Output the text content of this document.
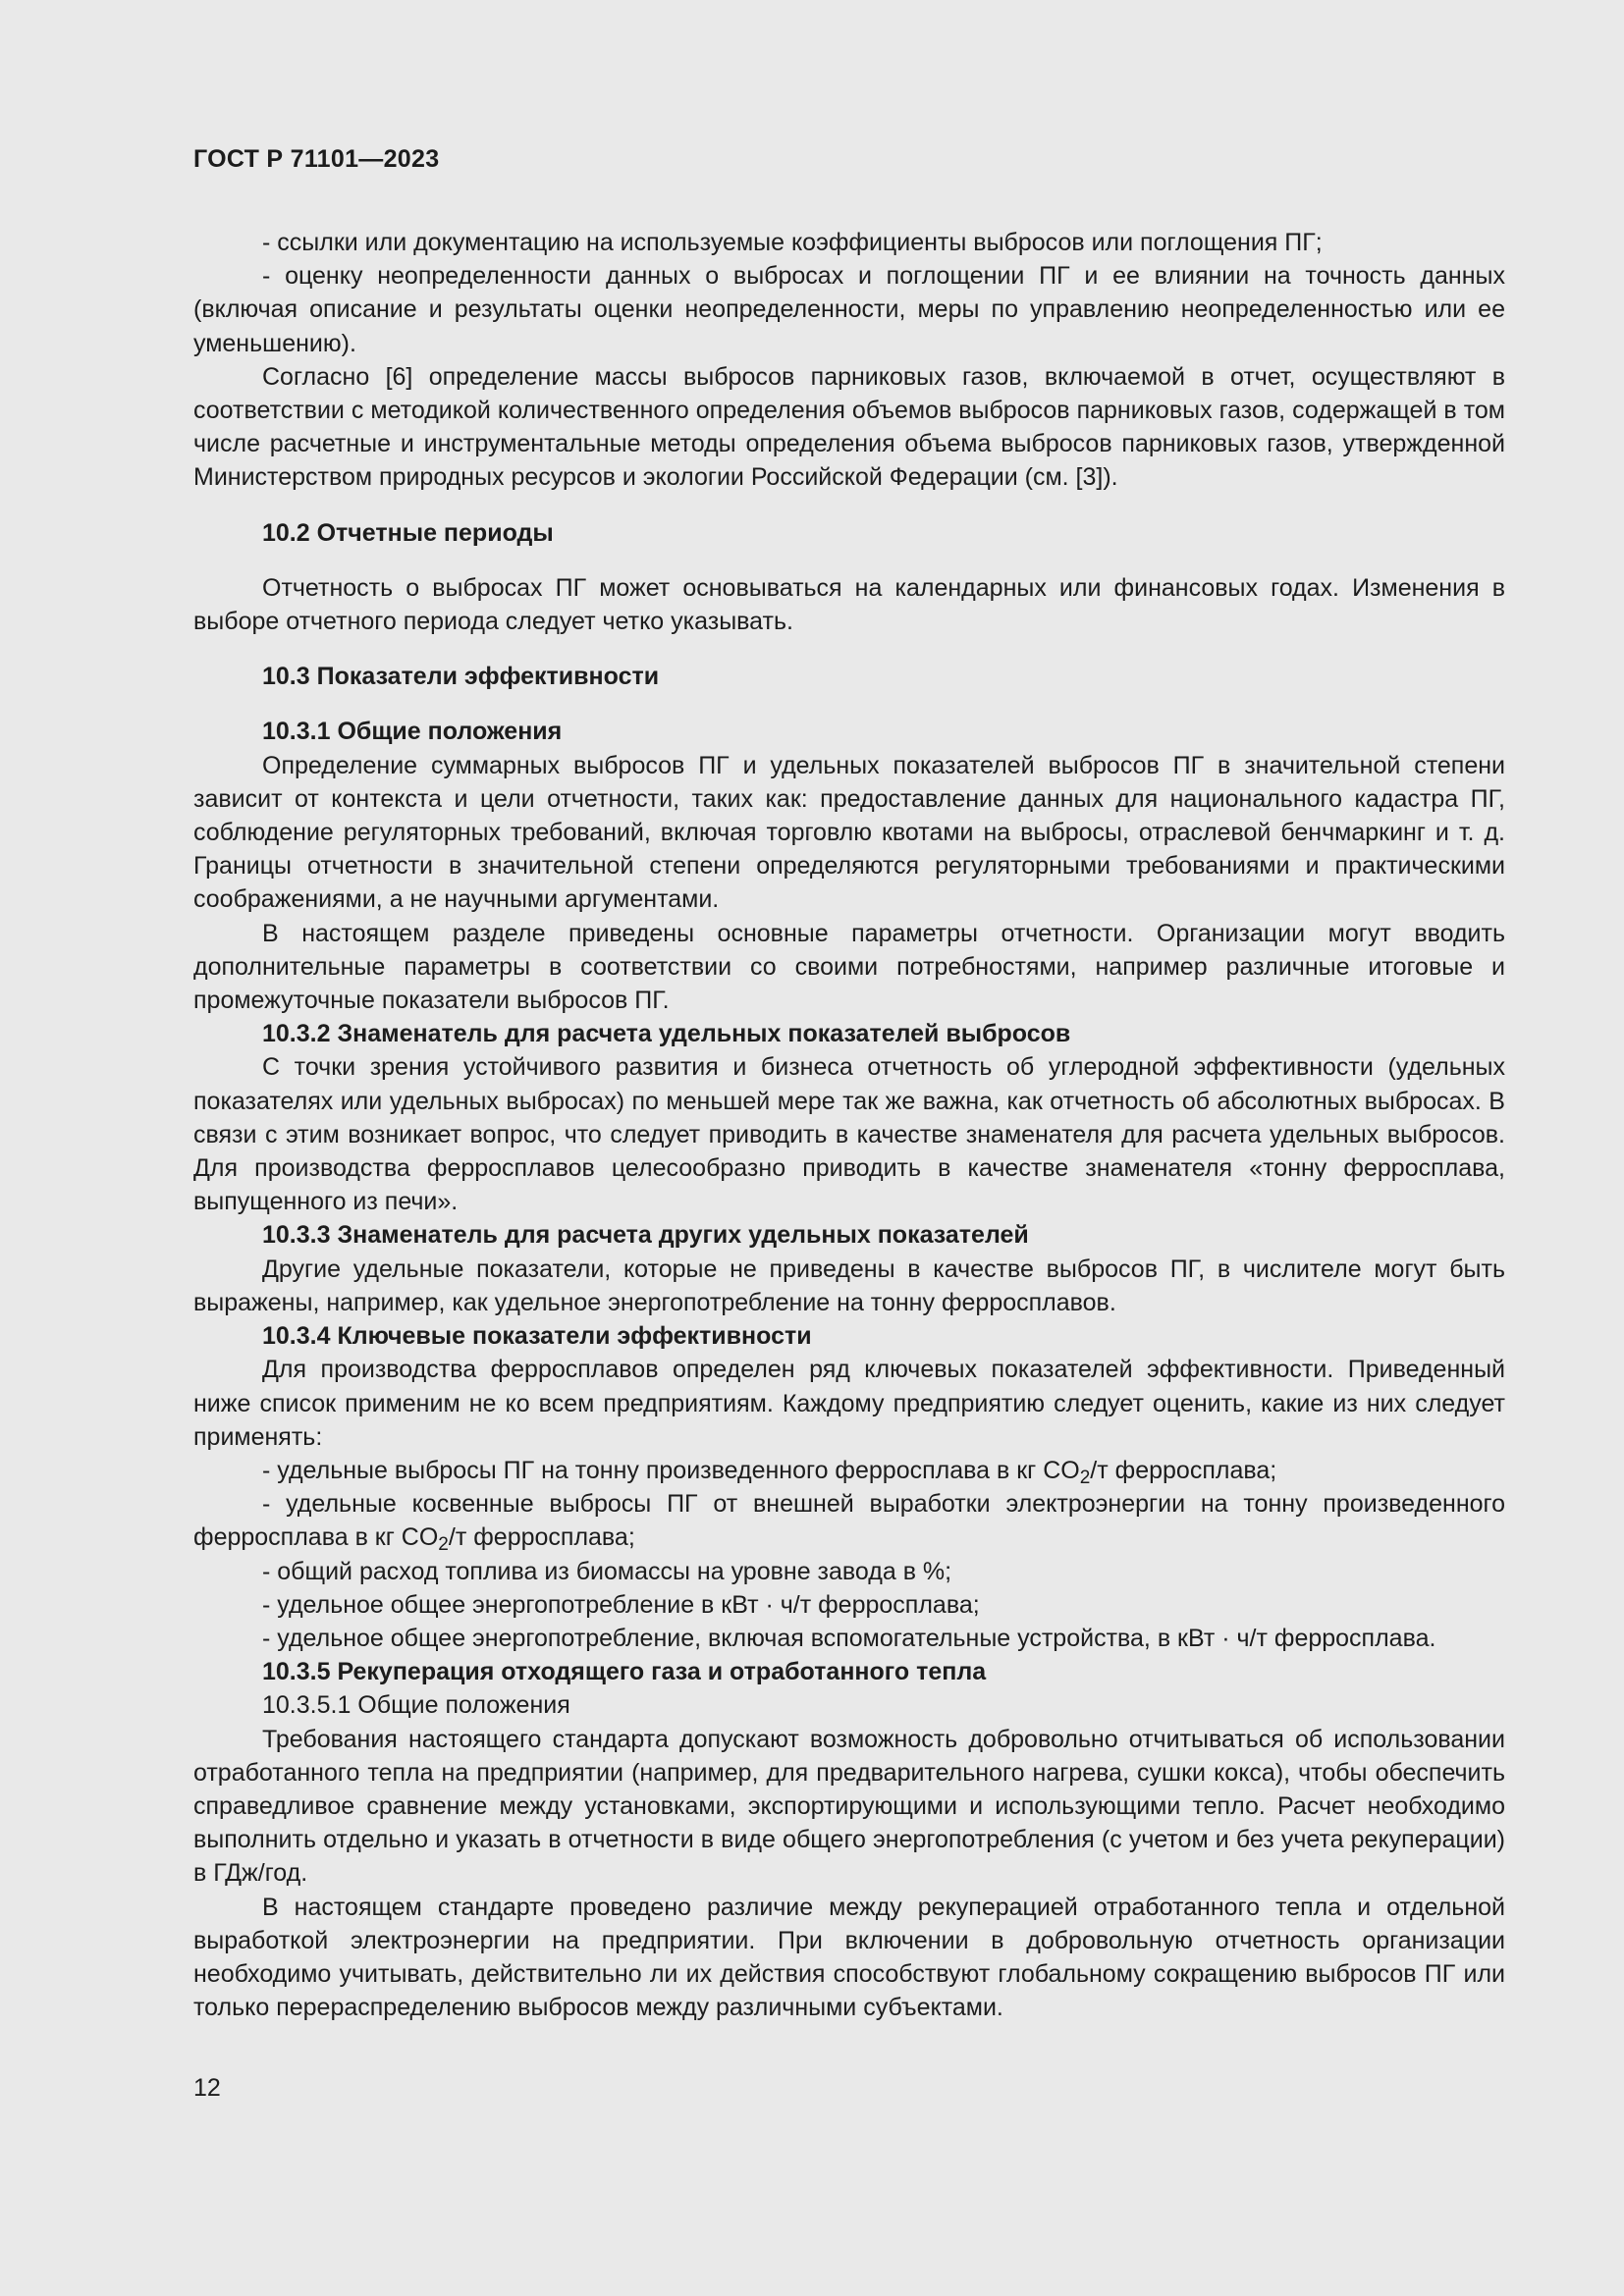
ГОСТ Р 71101—2023

- ссылки или документацию на используемые коэффициенты выбросов или поглощения ПГ;

- оценку неопределенности данных о выбросах и поглощении ПГ и ее влиянии на точность данных (включая описание и результаты оценки неопределенности, меры по управлению неопределенностью или ее уменьшению).

Согласно [6] определение массы выбросов парниковых газов, включаемой в отчет, осуществляют в соответствии с методикой количественного определения объемов выбросов парниковых газов, содержащей в том числе расчетные и инструментальные методы определения объема выбросов парниковых газов, утвержденной Министерством природных ресурсов и экологии Российской Федерации (см. [3]).

10.2 Отчетные периоды

Отчетность о выбросах ПГ может основываться на календарных или финансовых годах. Изменения в выборе отчетного периода следует четко указывать.

10.3 Показатели эффективности
10.3.1 Общие положения

Определение суммарных выбросов ПГ и удельных показателей выбросов ПГ в значительной степени зависит от контекста и цели отчетности, таких как: предоставление данных для национального кадастра ПГ, соблюдение регуляторных требований, включая торговлю квотами на выбросы, отраслевой бенчмаркинг и т. д. Границы отчетности в значительной степени определяются регуляторными требованиями и практическими соображениями, а не научными аргументами.

В настоящем разделе приведены основные параметры отчетности. Организации могут вводить дополнительные параметры в соответствии со своими потребностями, например различные итоговые и промежуточные показатели выбросов ПГ.

10.3.2 Знаменатель для расчета удельных показателей выбросов

С точки зрения устойчивого развития и бизнеса отчетность об углеродной эффективности (удельных показателях или удельных выбросах) по меньшей мере так же важна, как отчетность об абсолютных выбросах. В связи с этим возникает вопрос, что следует приводить в качестве знаменателя для расчета удельных выбросов. Для производства ферросплавов целесообразно приводить в качестве знаменателя «тонну ферросплава, выпущенного из печи».

10.3.3 Знаменатель для расчета других удельных показателей

Другие удельные показатели, которые не приведены в качестве выбросов ПГ, в числителе могут быть выражены, например, как удельное энергопотребление на тонну ферросплавов.

10.3.4 Ключевые показатели эффективности

Для производства ферросплавов определен ряд ключевых показателей эффективности. Приведенный ниже список применим не ко всем предприятиям. Каждому предприятию следует оценить, какие из них следует применять:

- удельные выбросы ПГ на тонну произведенного ферросплава в кг $CO_2/т$ ферросплава;

- удельные косвенные выбросы ПГ от внешней выработки электроэнергии на тонну произведенного ферросплава в кг $CO_2/т$ ферросплава;

- общий расход топлива из биомассы на уровне завода в %;

- удельное общее энергопотребление в кВт · ч/т ферросплава;

- удельное общее энергопотребление, включая вспомогательные устройства, в кВт · ч/т ферросплава.

10.3.5 Рекуперация отходящего газа и отработанного тепла
10.3.5.1 Общие положения

Требования настоящего стандарта допускают возможность добровольно отчитываться об использовании отработанного тепла на предприятии (например, для предварительного нагрева, сушки кокса), чтобы обеспечить справедливое сравнение между установками, экспортирующими и использующими тепло. Расчет необходимо выполнить отдельно и указать в отчетности в виде общего энергопотребления (с учетом и без учета рекуперации) в ГДж/год.

В настоящем стандарте проведено различие между рекуперацией отработанного тепла и отдельной выработкой электроэнергии на предприятии. При включении в добровольную отчетность организации необходимо учитывать, действительно ли их действия способствуют глобальному сокращению выбросов ПГ или только перераспределению выбросов между различными субъектами.

12
